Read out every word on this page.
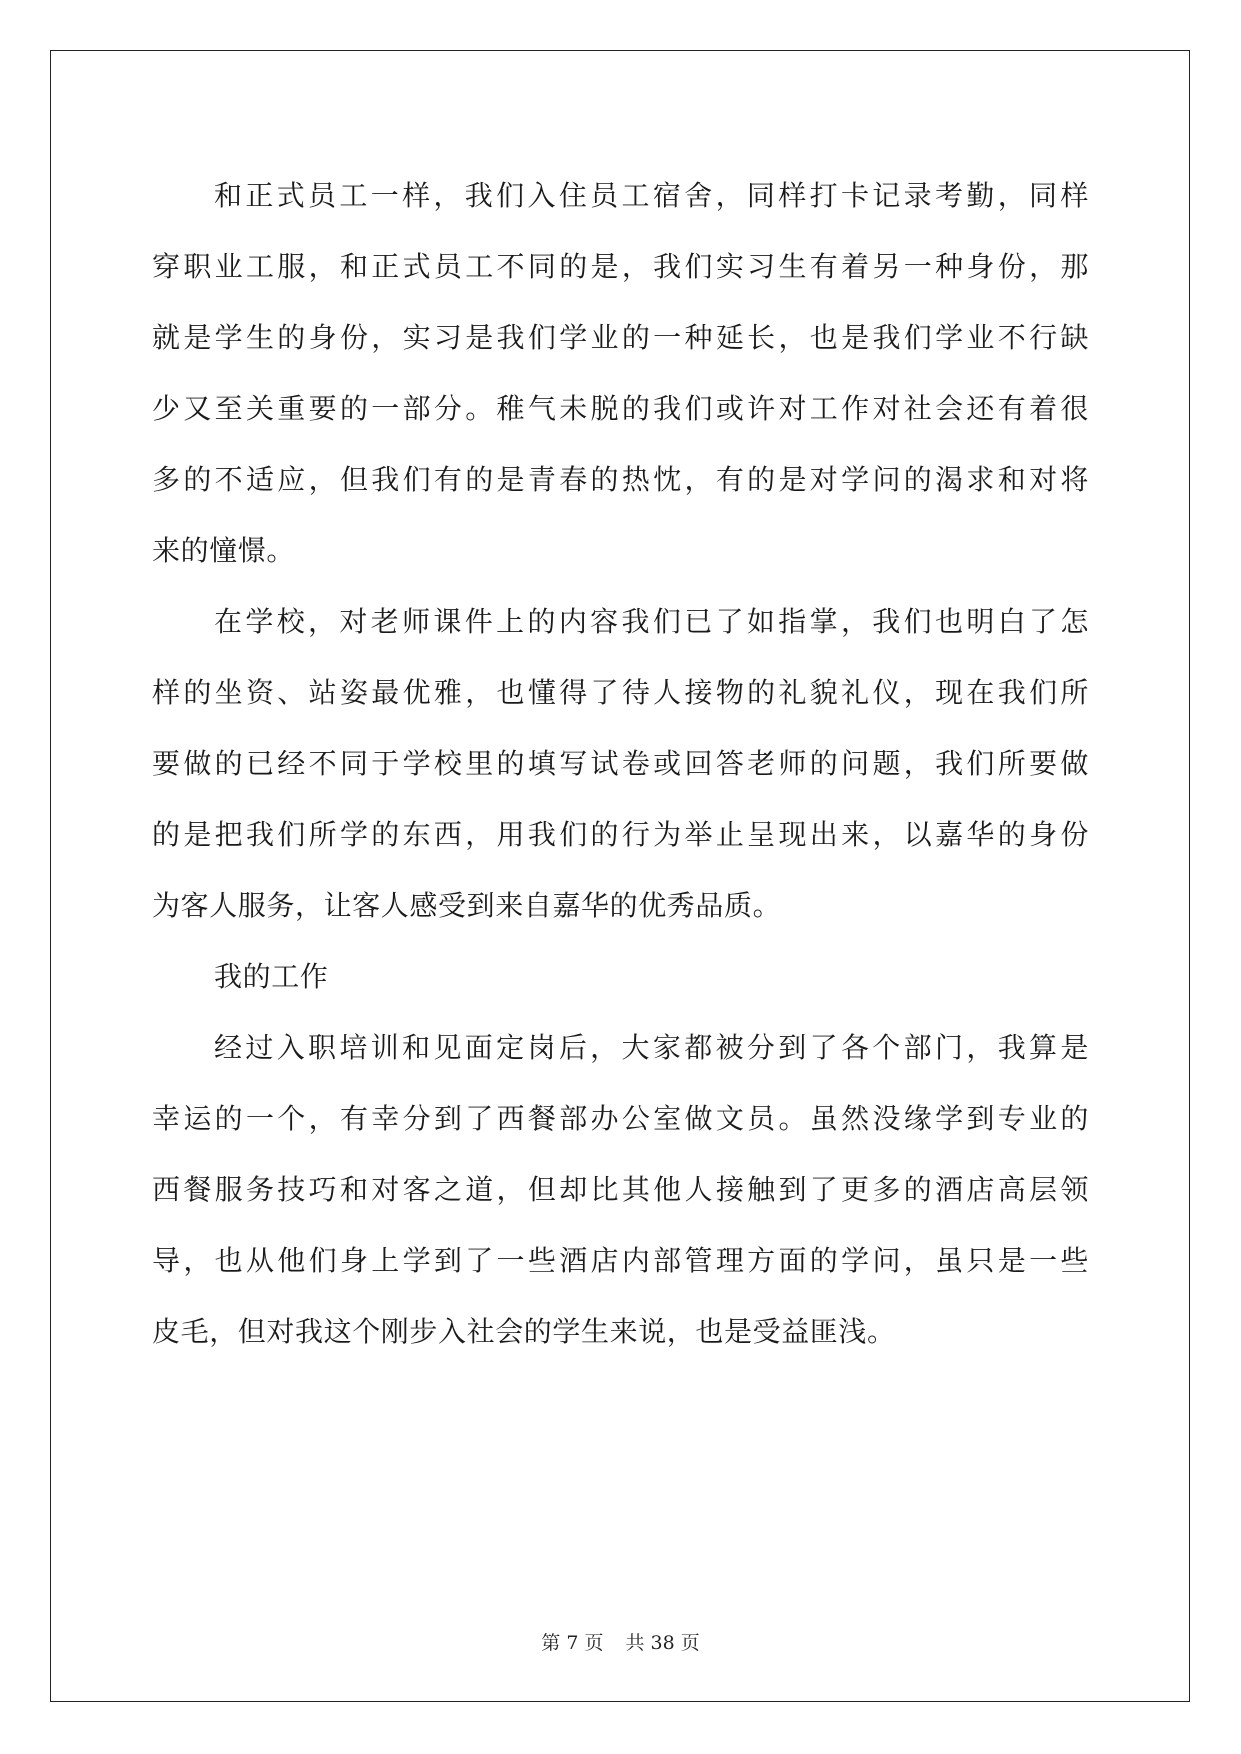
和正式员工一样，我们入住员工宿舍，同样打卡记录考勤，同样
穿职业工服，和正式员工不同的是，我们实习生有着另一种身份，那
就是学生的身份，实习是我们学业的一种延长，也是我们学业不行缺
少又至关重要的一部分。稚气未脱的我们或许对工作对社会还有着很
多的不适应，但我们有的是青春的热忱，有的是对学问的渴求和对将
来的憧憬。
在学校，对老师课件上的内容我们已了如指掌，我们也明白了怎
样的坐资、站姿最优雅，也懂得了待人接物的礼貌礼仪，现在我们所
要做的已经不同于学校里的填写试卷或回答老师的问题，我们所要做
的是把我们所学的东西，用我们的行为举止呈现出来，以嘉华的身份
为客人服务，让客人感受到来自嘉华的优秀品质。
我的工作
经过入职培训和见面定岗后，大家都被分到了各个部门，我算是
幸运的一个，有幸分到了西餐部办公室做文员。虽然没缘学到专业的
西餐服务技巧和对客之道，但却比其他人接触到了更多的酒店高层领
导，也从他们身上学到了一些酒店内部管理方面的学问，虽只是一些
皮毛，但对我这个刚步入社会的学生来说，也是受益匪浅。
第 7 页 共 38 页
